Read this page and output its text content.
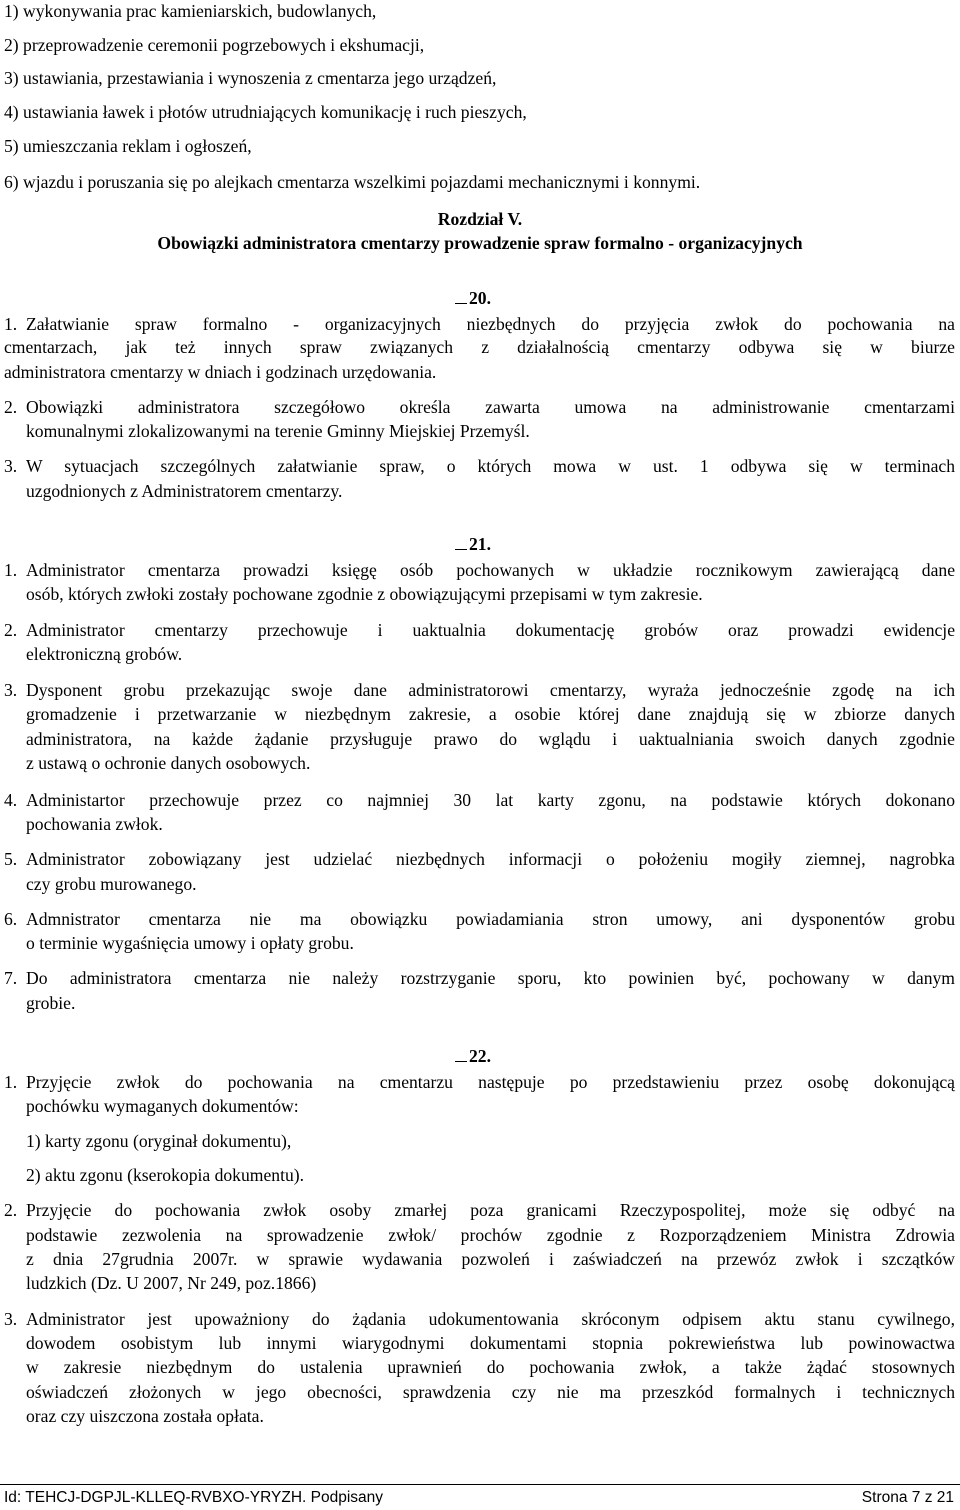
1) wykonywania prac kamieniarskich, budowlanych,

2) przeprowadzenie ceremonii pogrzebowych i ekshumacji,

3) ustawiania, przestawiania i wynoszenia z cmentarza jego urządzeń,

4) ustawiania ławek i płotów utrudniających komunikację i ruch pieszych,

5) umieszczania reklam i ogłoszeń,

6) wjazdu i poruszania się po alejkach cmentarza wszelkimi pojazdami mechanicznymi i konnymi.

Rozdział V.

Obowiązki administratora cmentarzy prowadzenie spraw formalno - organizacyjnych

20.

1. Załatwianie spraw formalno - organizacyjnych niezbędnych do przyjęcia zwłok do pochowania na

cmentarzach, jak też innych spraw związanych z działalnością cmentarzy odbywa się w biurze

administratora cmentarzy w dniach i godzinach urzędowania.

2. Obowiązki administratora szczegółowo określa zawarta umowa na administrowanie cmentarzami

komunalnymi zlokalizowanymi na terenie Gminny Miejskiej Przemyśl.

3. W sytuacjach szczególnych załatwianie spraw, o których mowa w ust. 1 odbywa się w terminach

uzgodnionych z Administratorem cmentarzy.

21.

1. Administrator cmentarza prowadzi księgę osób pochowanych w układzie rocznikowym zawierającą dane

osób, których zwłoki zostały pochowane zgodnie z obowiązującymi przepisami w tym zakresie.

2. Administrator cmentarzy przechowuje i uaktualnia dokumentację grobów oraz prowadzi ewidencje

elektroniczną grobów.

3. Dysponent grobu przekazując swoje dane administratorowi cmentarzy, wyraża jednocześnie zgodę na ich

gromadzenie i przetwarzanie w niezbędnym zakresie, a osobie której dane znajdują się w zbiorze danych

administratora, na każde żądanie przysługuje prawo do wglądu i uaktualniania swoich danych zgodnie

z ustawą o ochronie danych osobowych.

4. Administartor przechowuje przez co najmniej 30 lat karty zgonu, na podstawie których dokonano

pochowania zwłok.

5. Administrator zobowiązany jest udzielać niezbędnych informacji o położeniu mogiły ziemnej, nagrobka

czy grobu murowanego.

6. Admnistrator cmentarza nie ma obowiązku powiadamiania stron umowy, ani dysponentów grobu

o terminie wygaśnięcia umowy i opłaty grobu.

7. Do administratora cmentarza nie należy rozstrzyganie sporu, kto powinien być, pochowany w danym

grobie.

22.

1. Przyjęcie zwłok do pochowania na cmentarzu następuje po przedstawieniu przez osobę dokonującą

pochówku wymaganych dokumentów:

1) karty zgonu (oryginał dokumentu),

2) aktu zgonu (kserokopia dokumentu).

2. Przyjęcie do pochowania zwłok osoby zmarłej poza granicami Rzeczypospolitej, może się odbyć na

podstawie zezwolenia na sprowadzenie zwłok/ prochów zgodnie z Rozporządzeniem Ministra Zdrowia

z dnia 27grudnia 2007r. w sprawie wydawania pozwoleń i zaświadczeń na przewóz zwłok i szczątków

ludzkich (Dz. U 2007, Nr 249, poz.1866)

3. Administrator jest upoważniony do żądania udokumentowania skróconym odpisem aktu stanu cywilnego,

dowodem osobistym lub innymi wiarygodnymi dokumentami stopnia pokrewieństwa lub powinowactwa

w zakresie niezbędnym do ustalenia uprawnień do pochowania zwłok, a także żądać stosownych

oświadczeń złożonych w jego obecności, sprawdzenia czy nie ma przeszkód formalnych i technicznych

oraz czy uiszczona została opłata.

Id: TEHCJ-DGPJL-KLLEQ-RVBXO-YRYZH. Podpisany	Strona 7 z 21
